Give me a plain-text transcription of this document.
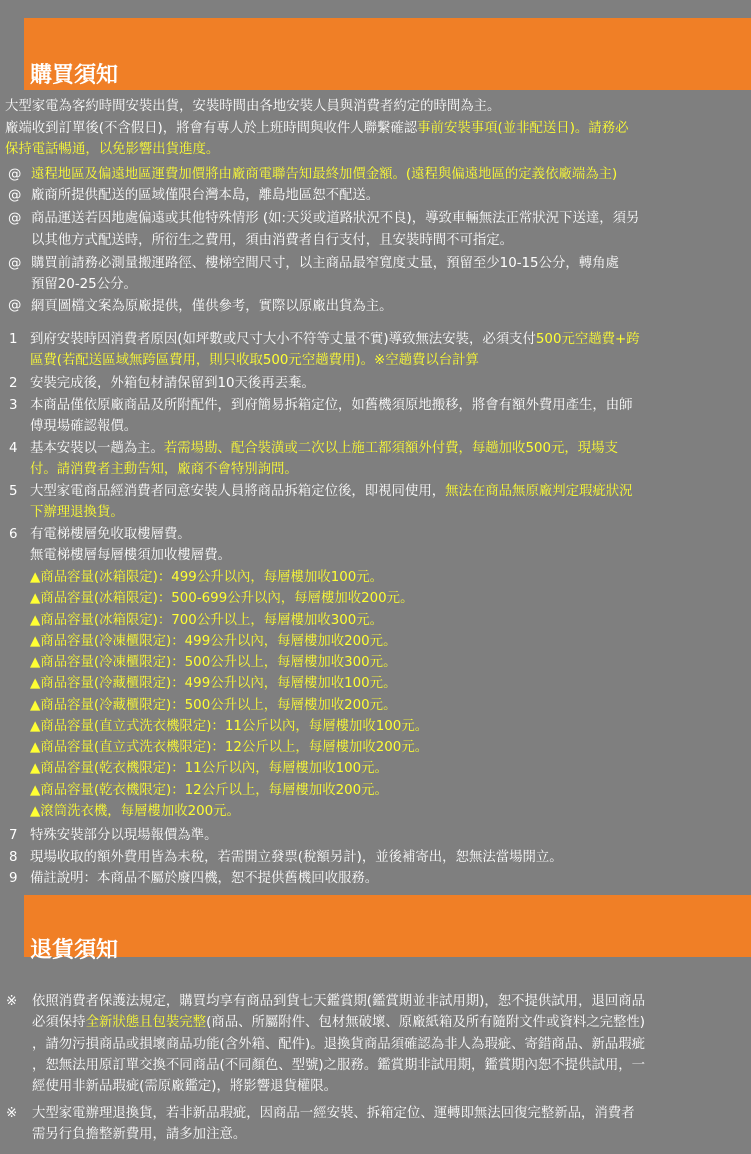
購買須知
大型家電為客約時間安裝出貨，安裝時間由各地安裝人員與消費者約定的時間為主。
廠端收到訂單後(不含假日)，將會有專人於上班時間與收件人聯繫確認事前安裝事項(並非配送日)。請務必
保持電話暢通，以免影響出貨進度。
@ 遠程地區及偏遠地區運費加價將由廠商電聯告知最終加價金額。(遠程與偏遠地區的定義依廠端為主)
@ 廠商所提供配送的區域僅限台灣本島，離島地區恕不配送。
@ 商品運送若因地處偏遠或其他特殊情形 (如:天災或道路狀況不良)，導致車輛無法正常狀況下送達，須另
以其他方式配送時，所衍生之費用，須由消費者自行支付，且安裝時間不可指定。
@ 購買前請務必測量搬運路徑、樓梯空間尺寸，以主商品最窄寬度丈量，預留至少10-15公分，轉角處
預留20-25公分。
@ 網頁圖檔文案為原廠提供，僅供參考，實際以原廠出貨為主。
1 到府安裝時因消費者原因(如坪數或尺寸大小不符等丈量不實)導致無法安裝，必須支付500元空趟費+跨
區費(若配送區域無跨區費用，則只收取500元空趟費用)。※空趟費以台計算
2 安裝完成後，外箱包材請保留到10天後再丟棄。
3 本商品僅依原廠商品及所附配件，到府簡易拆箱定位，如舊機須原地搬移，將會有額外費用產生，由師
傅現場確認報價。
4 基本安裝以一趟為主。若需場勘、配合裝潢或二次以上施工都須額外付費，每趟加收500元，現場支
付。請消費者主動告知，廠商不會特別詢問。
5 大型家電商品經消費者同意安裝人員將商品拆箱定位後，即視同使用，無法在商品無原廠判定瑕疵狀況
下辦理退換貨。
6 有電梯樓層免收取樓層費。
無電梯樓層每層樓須加收樓層費。
▲商品容量(冰箱限定)：499公升以內，每層樓加收100元。
▲商品容量(冰箱限定)：500-699公升以內，每層樓加收200元。
▲商品容量(冰箱限定)：700公升以上，每層樓加收300元。
▲商品容量(冷凍櫃限定)：499公升以內，每層樓加收200元。
▲商品容量(冷凍櫃限定)：500公升以上，每層樓加收300元。
▲商品容量(冷藏櫃限定)：499公升以內，每層樓加收100元。
▲商品容量(冷藏櫃限定)：500公升以上，每層樓加收200元。
▲商品容量(直立式洗衣機限定)：11公斤以內，每層樓加收100元。
▲商品容量(直立式洗衣機限定)：12公斤以上，每層樓加收200元。
▲商品容量(乾衣機限定)：11公斤以內，每層樓加收100元。
▲商品容量(乾衣機限定)：12公斤以上，每層樓加收200元。
▲滾筒洗衣機，每層樓加收200元。
7 特殊安裝部分以現場報價為準。
8 現場收取的額外費用皆為未稅，若需開立發票(稅額另計)，並後補寄出，恕無法當場開立。
9 備註說明：本商品不屬於廢四機，恕不提供舊機回收服務。
退貨須知
※ 依照消費者保護法規定，購買均享有商品到貨七天鑑賞期(鑑賞期並非試用期)，恕不提供試用，退回商品
必須保持全新狀態且包裝完整(商品、所屬附件、包材無破壞、原廠紙箱及所有隨附文件或資料之完整性)
，請勿污損商品或損壞商品功能(含外箱、配件)。退換貨商品須確認為非人為瑕疵、寄錯商品、新品瑕疵
，恕無法用原訂單交換不同商品(不同顏色、型號)之服務。鑑賞期非試用期，鑑賞期內恕不提供試用，一
經使用非新品瑕疵(需原廠鑑定)，將影響退貨權限。
※ 大型家電辦理退換貨，若非新品瑕疵，因商品一經安裝、拆箱定位、運轉即無法回復完整新品，消費者
需另行負擔整新費用，請多加注意。
